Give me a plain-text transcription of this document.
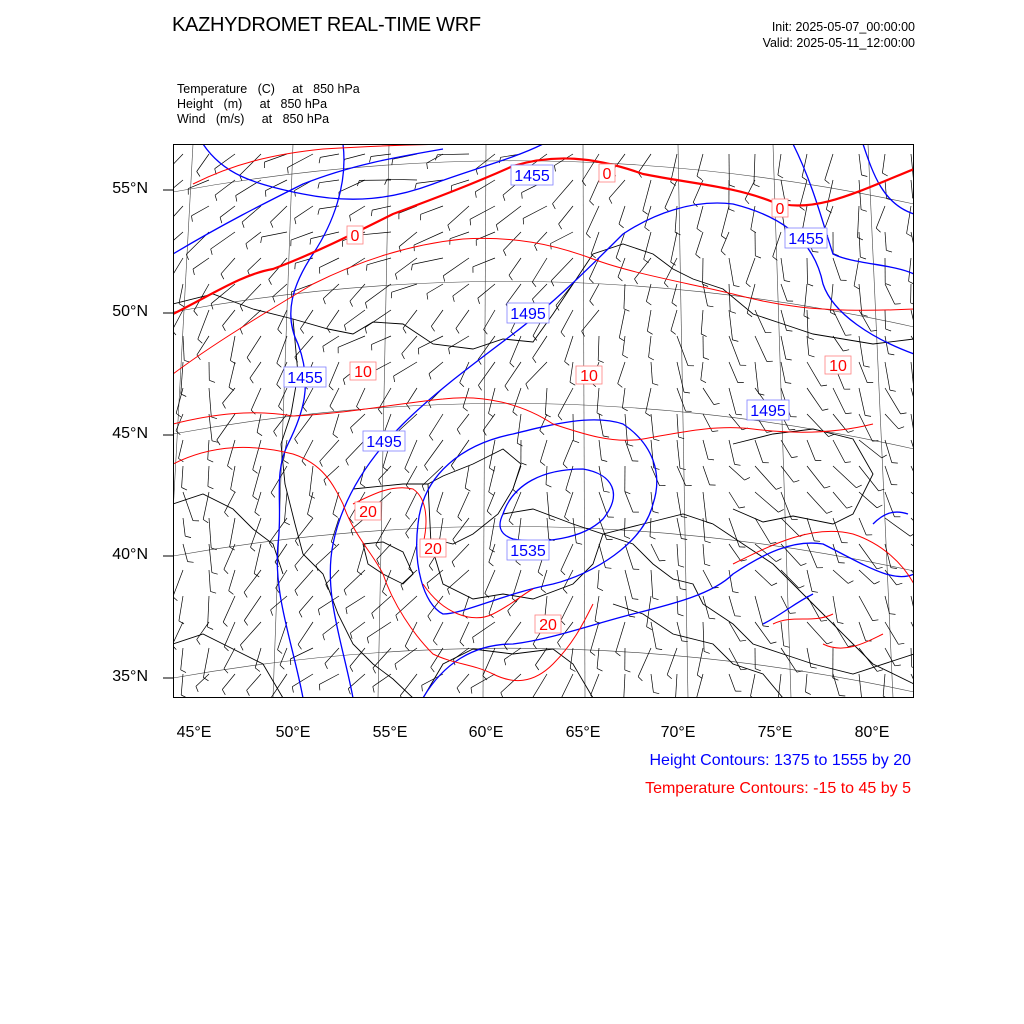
KAZHYDROMET REAL-TIME WRF	Init: 2025-05-07_00:00:00
Valid: 2025-05-11_12:00:00
Temperature   (C)     at   850 hPa
Height   (m)     at   850 hPa
Wind   (m/s)     at   850 hPa
1455
1455
1495
1455
1495
1495
1535
0
0
0
10	10
10
20
20
20
55°N
50°N
45°N
40°N
35°N
45°E	50°E	55°E	60°E	65°E	70°E	75°E	80°E
Height Contours: 1375 to 1555 by 20
Temperature Contours: -15 to 45 by 5
